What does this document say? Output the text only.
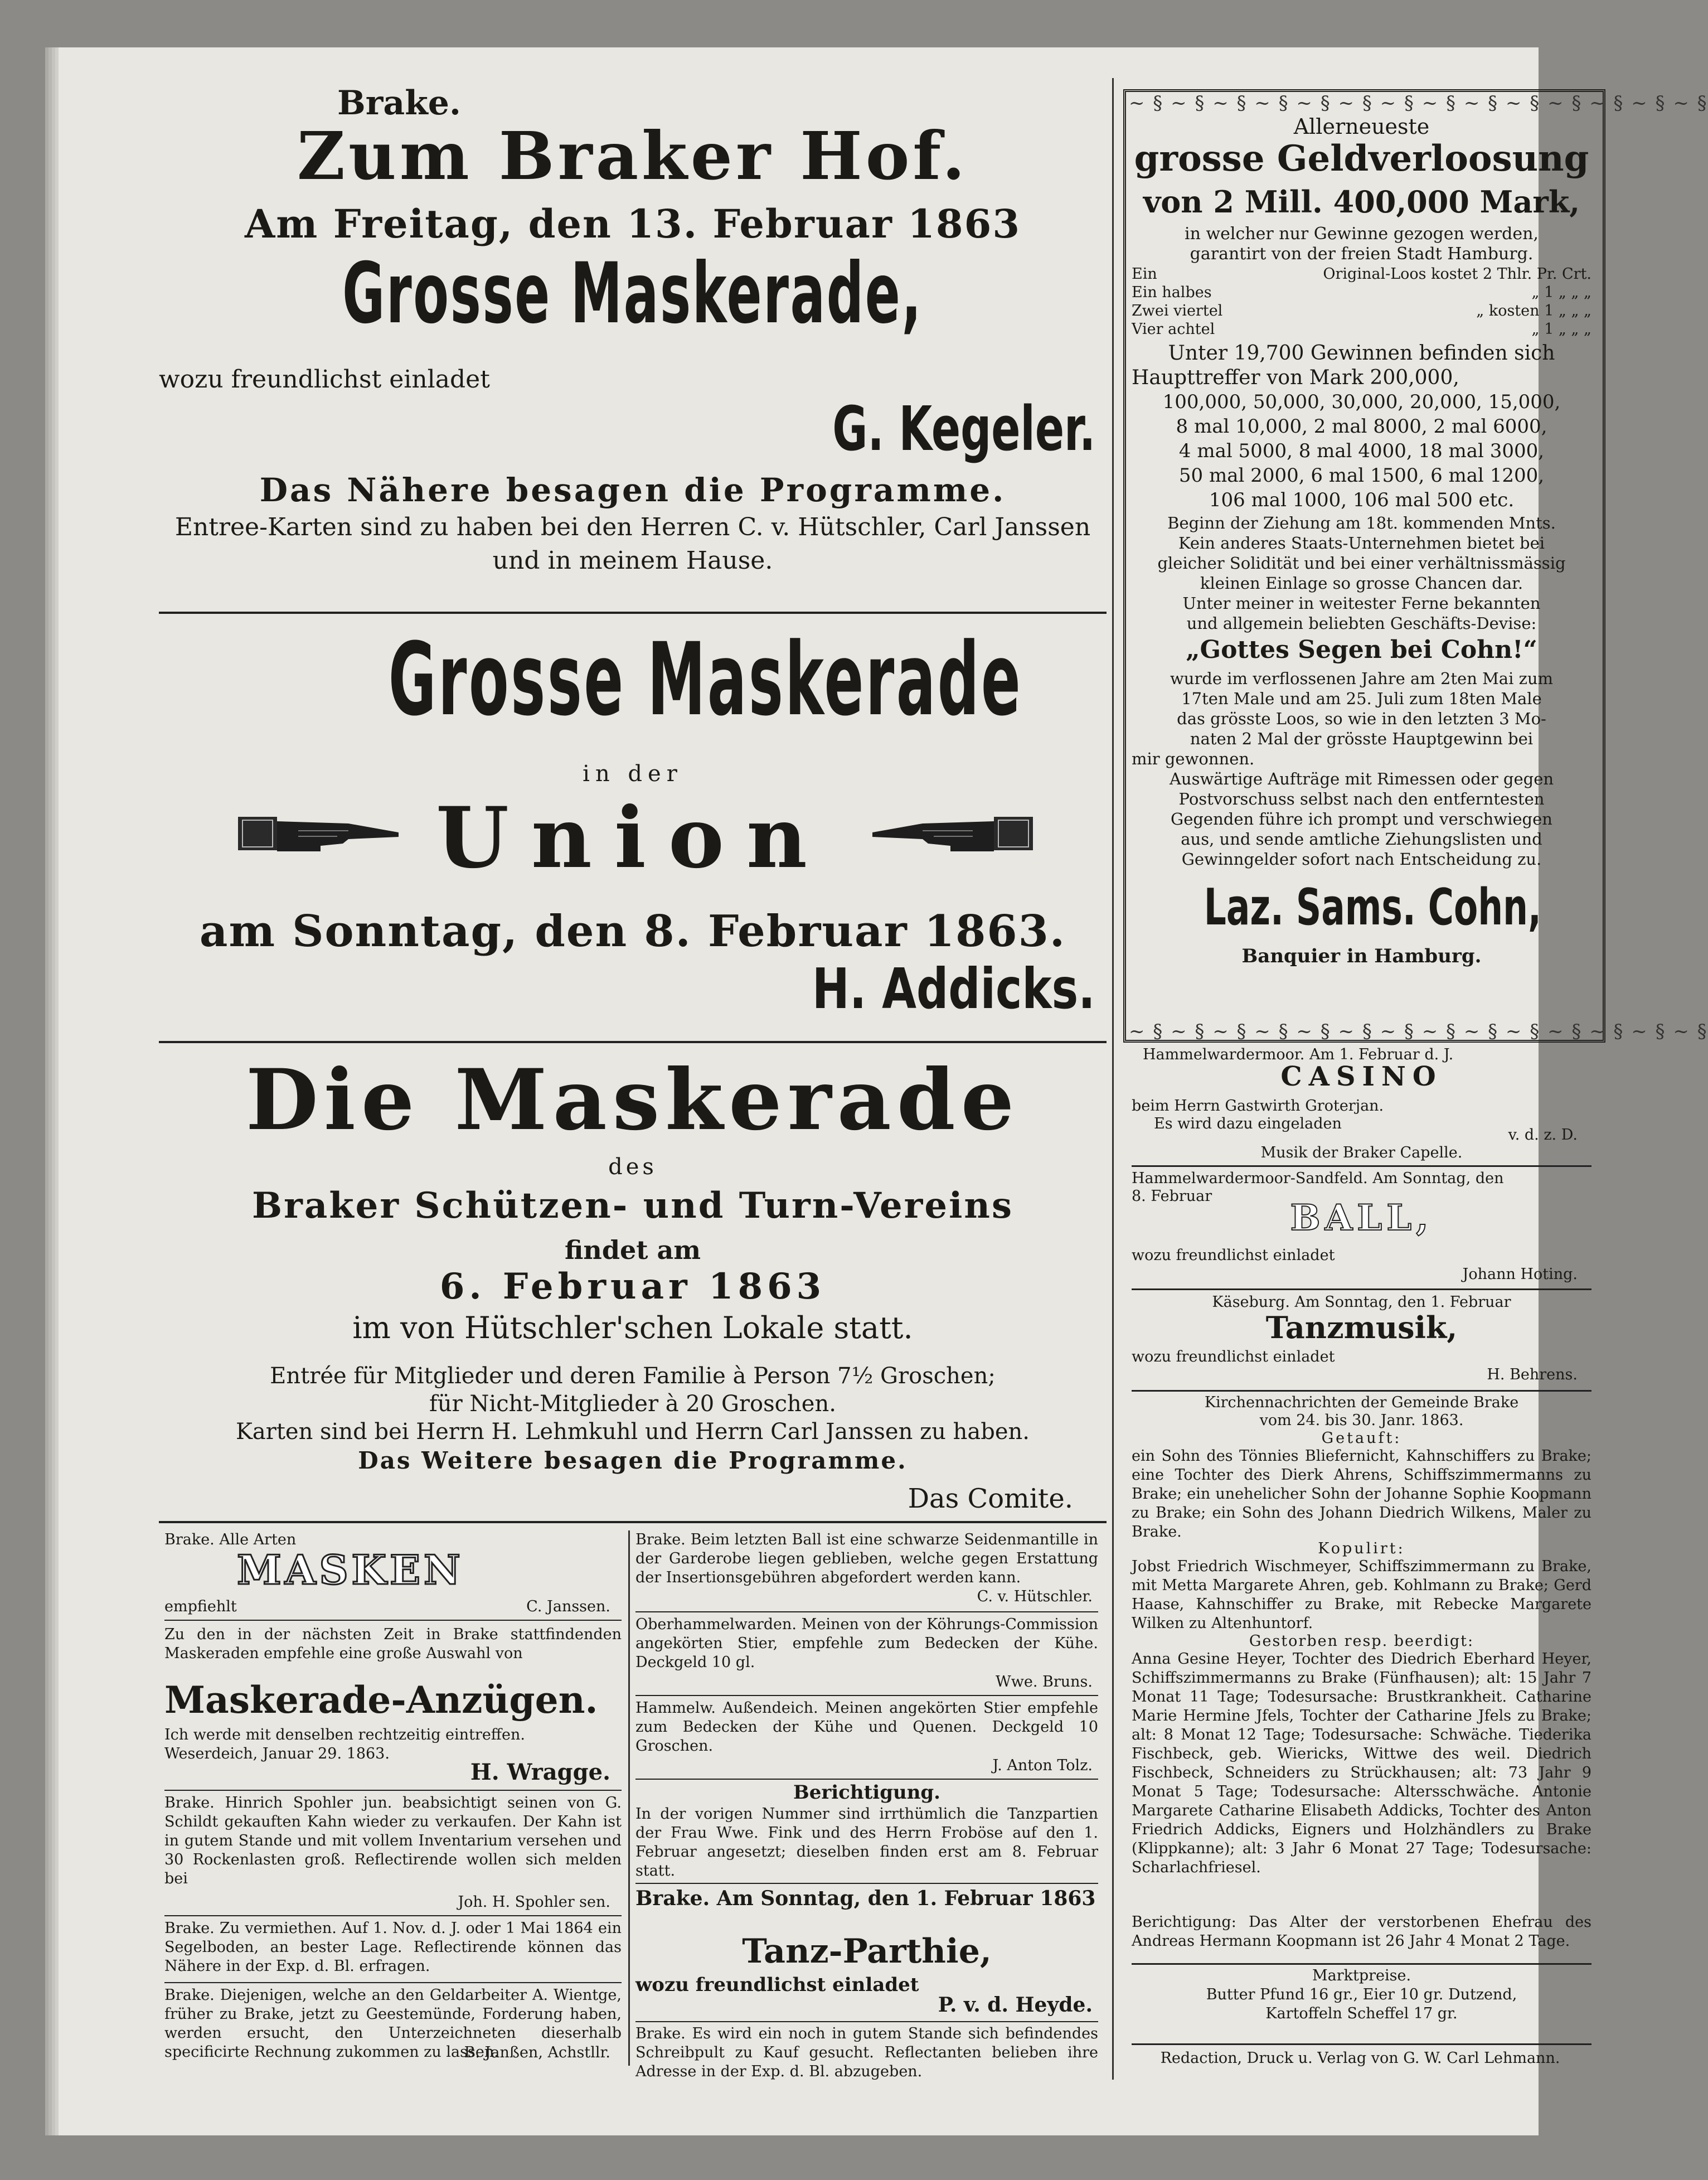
Brake.
Zum Braker Hof.
Am Freitag, den 13. Februar 1863
Grosse Maskerade,
wozu freundlichst einladet
G. Kegeler.
Das Nähere besagen die Programme.
Entree-Karten sind zu haben bei den Herren C. v. Hütschler, Carl Janssen
und in meinem Hause.
Grosse Maskerade
in der
Union
am Sonntag, den 8. Februar 1863.
H. Addicks.
Die Maskerade
des
Braker Schützen- und Turn-Vereins
findet am
6. Februar 1863
im von Hütschler'schen Lokale statt.
Entrée für Mitglieder und deren Familie à Person 7½ Groschen;
für Nicht-Mitglieder à 20 Groschen.
Karten sind bei Herrn H. Lehmkuhl und Herrn Carl Janssen zu haben.
Das Weitere besagen die Programme.
Das Comite.
Brake. Alle Arten
MASKEN
empfiehlt	C. Janssen.
Zu den in der nächsten Zeit in Brake stattfindenden Maskeraden empfehle eine große Auswahl von
Maskerade-Anzügen.
Ich werde mit denselben rechtzeitig eintreffen.
Weserdeich, Januar 29. 1863.
H. Wragge.
Brake. Hinrich Spohler jun. beabsichtigt seinen von G. Schildt gekauften Kahn wieder zu verkaufen. Der Kahn ist in gutem Stande und mit vollem Inventarium versehen und 30 Rockenlasten groß. Reflectirende wollen sich melden bei
Joh. H. Spohler sen.
Brake. Zu vermiethen. Auf 1. Nov. d. J. oder 1 Mai 1864 ein Segelboden, an bester Lage. Reflectirende können das Nähere in der Exp. d. Bl. erfragen.
Brake. Diejenigen, welche an den Geldarbeiter A. Wientge, früher zu Brake, jetzt zu Geestemünde, Forderung haben, werden ersucht, den Unterzeichneten dieserhalb specificirte Rechnung zukommen zu lassen.
B. Janßen, Achstllr.
Brake. Beim letzten Ball ist eine schwarze Seidenmantille in der Garderobe liegen geblieben, welche gegen Erstattung der Insertionsgebühren abgefordert werden kann.
C. v. Hütschler.
Oberhammelwarden. Meinen von der Köhrungs-Commission angekörten Stier, empfehle zum Bedecken der Kühe. Deckgeld 10 gl.
Wwe. Bruns.
Hammelw. Außendeich. Meinen angekörten Stier empfehle zum Bedecken der Kühe und Quenen. Deckgeld 10 Groschen.
J. Anton Tolz.
Berichtigung.
In der vorigen Nummer sind irrthümlich die Tanzpartien der Frau Wwe. Fink und des Herrn Froböse auf den 1. Februar angesetzt; dieselben finden erst am 8. Februar statt.
Brake. Am Sonntag, den 1. Februar 1863
Tanz-Parthie,
wozu freundlichst einladet
P. v. d. Heyde.
Brake. Es wird ein noch in gutem Stande sich befindendes Schreibpult zu Kauf gesucht. Reflectanten belieben ihre Adresse in der Exp. d. Bl. abzugeben.
~ § ~ § ~ § ~ § ~ § ~ § ~ § ~ § ~ § ~ § ~ § ~ § ~ § ~ §
Allerneueste
grosse Geldverloosung
von 2 Mill. 400,000 Mark,
in welcher nur Gewinne gezogen werden,
garantirt von der freien Stadt Hamburg.
Ein	Original-Loos kostet 2 Thlr. Pr. Crt.
Ein halbes	„ 1 „ „ „
Zwei viertel	„ kosten 1 „ „ „
Vier achtel	„ 1 „ „ „
Unter 19,700 Gewinnen befinden sich
Haupttreffer von Mark 200,000,
100,000, 50,000, 30,000, 20,000, 15,000,
8 mal 10,000, 2 mal 8000, 2 mal 6000,
4 mal 5000, 8 mal 4000, 18 mal 3000,
50 mal 2000, 6 mal 1500, 6 mal 1200,
106 mal 1000, 106 mal 500 etc.
Beginn der Ziehung am 18t. kommenden Mnts.
Kein anderes Staats-Unternehmen bietet bei
gleicher Solidität und bei einer verhältnissmässig
kleinen Einlage so grosse Chancen dar.
Unter meiner in weitester Ferne bekannten
und allgemein beliebten Geschäfts-Devise:
„Gottes Segen bei Cohn!“
wurde im verflossenen Jahre am 2ten Mai zum
17ten Male und am 25. Juli zum 18ten Male
das grösste Loos, so wie in den letzten 3 Mo-
naten 2 Mal der grösste Hauptgewinn bei
mir gewonnen.
Auswärtige Aufträge mit Rimessen oder gegen
Postvorschuss selbst nach den entferntesten
Gegenden führe ich prompt und verschwiegen
aus, und sende amtliche Ziehungslisten und
Gewinngelder sofort nach Entscheidung zu.
Laz. Sams. Cohn,
Banquier in Hamburg.
~ § ~ § ~ § ~ § ~ § ~ § ~ § ~ § ~ § ~ § ~ § ~ § ~ § ~ §
Hammelwardermoor. Am 1. Februar d. J.
CASINO
beim Herrn Gastwirth Groterjan.
Es wird dazu eingeladen
v. d. z. D.
Musik der Braker Capelle.
Hammelwardermoor-Sandfeld. Am Sonntag, den
8. Februar
BALL,
wozu freundlichst einladet
Johann Hoting.
Käseburg. Am Sonntag, den 1. Februar
Tanzmusik,
wozu freundlichst einladet
H. Behrens.
Kirchennachrichten der Gemeinde Brake
vom 24. bis 30. Janr. 1863.
Getauft:
ein Sohn des Tönnies Bliefernicht, Kahnschiffers zu Brake; eine Tochter des Dierk Ahrens, Schiffszimmermanns zu Brake; ein unehelicher Sohn der Johanne Sophie Koopmann zu Brake; ein Sohn des Johann Diedrich Wilkens, Maler zu Brake.
Kopulirt:
Jobst Friedrich Wischmeyer, Schiffszimmermann zu Brake, mit Metta Margarete Ahren, geb. Kohlmann zu Brake; Gerd Haase, Kahnschiffer zu Brake, mit Rebecke Margarete Wilken zu Altenhuntorf.
Gestorben resp. beerdigt:
Anna Gesine Heyer, Tochter des Diedrich Eberhard Heyer, Schiffszimmermanns zu Brake (Fünfhausen); alt: 15 Jahr 7 Monat 11 Tage; Todesursache: Brustkrankheit. Catharine Marie Hermine Jfels, Tochter der Catharine Jfels zu Brake; alt: 8 Monat 12 Tage; Todesursache: Schwäche. Tiederika Fischbeck, geb. Wiericks, Wittwe des weil. Diedrich Fischbeck, Schneiders zu Strückhausen; alt: 73 Jahr 9 Monat 5 Tage; Todesursache: Altersschwäche. Antonie Margarete Catharine Elisabeth Addicks, Tochter des Anton Friedrich Addicks, Eigners und Holzhändlers zu Brake (Klippkanne); alt: 3 Jahr 6 Monat 27 Tage; Todesursache: Scharlachfriesel.
Berichtigung: Das Alter der verstorbenen Ehefrau des Andreas Hermann Koopmann ist 26 Jahr 4 Monat 2 Tage.
Marktpreise.
Butter Pfund 16 gr., Eier 10 gr. Dutzend,
Kartoffeln Scheffel 17 gr.
Redaction, Druck u. Verlag von G. W. Carl Lehmann.
